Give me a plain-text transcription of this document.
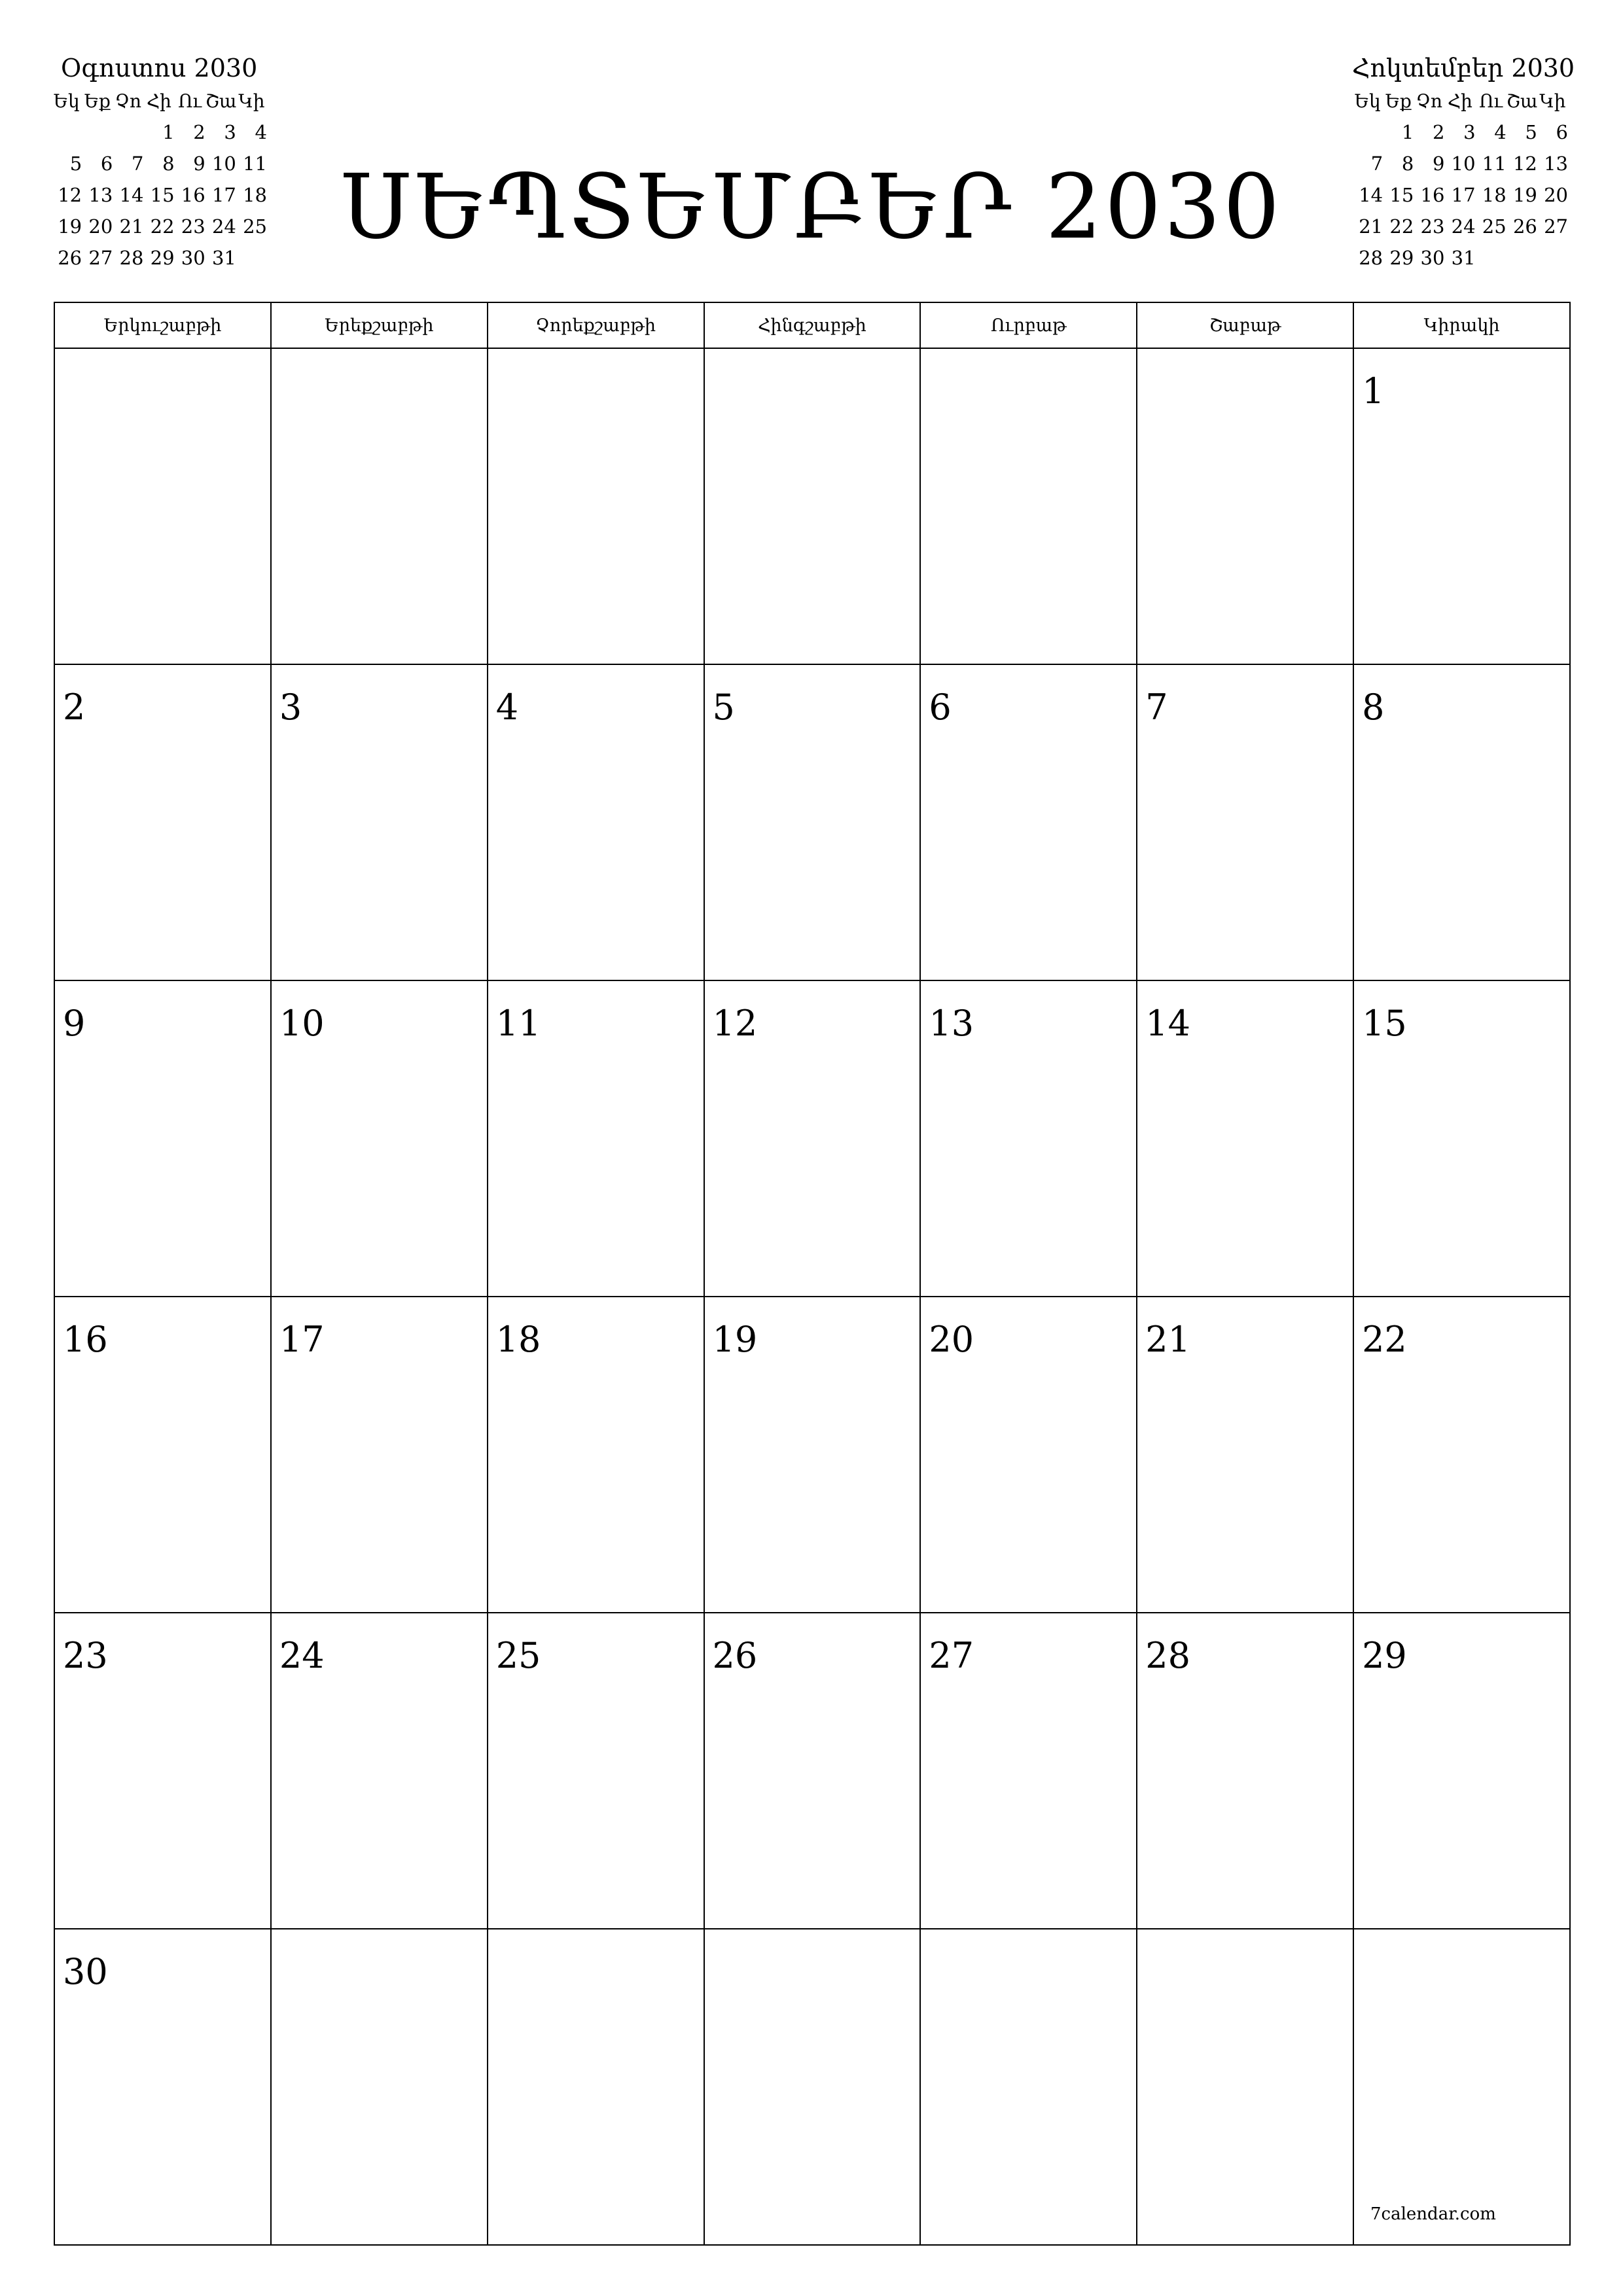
Օգոստոս 2030
Եկ	Եք	Չո	Հի	Ու	Շա	Կի
			1	2	3	4
5	6	7	8	9	10	11
12	13	14	15	16	17	18
19	20	21	22	23	24	25
26	27	28	29	30	31	ՍԵՊՏԵՄԲԵՐ 2030
Հոկտեմբեր 2030
Եկ	Եք	Չո	Հի	Ու	Շա	Կի
	1	2	3	4	5	6
7	8	9	10	11	12	13
14	15	16	17	18	19	20
21	22	23	24	25	26	27
28	29	30	31			
Երկուշաբթի	Երեքշաբթի	Չորեքշաբթի	Հինգշաբթի	Ուրբաթ	Շաբաթ	Կիրակի

						1

2	3	4	5	6	7	8

9	10	11	12	13	14	15

16	17	18	19	20	21	22

23	24	25	26	27	28	29

30						

7calendar.com
